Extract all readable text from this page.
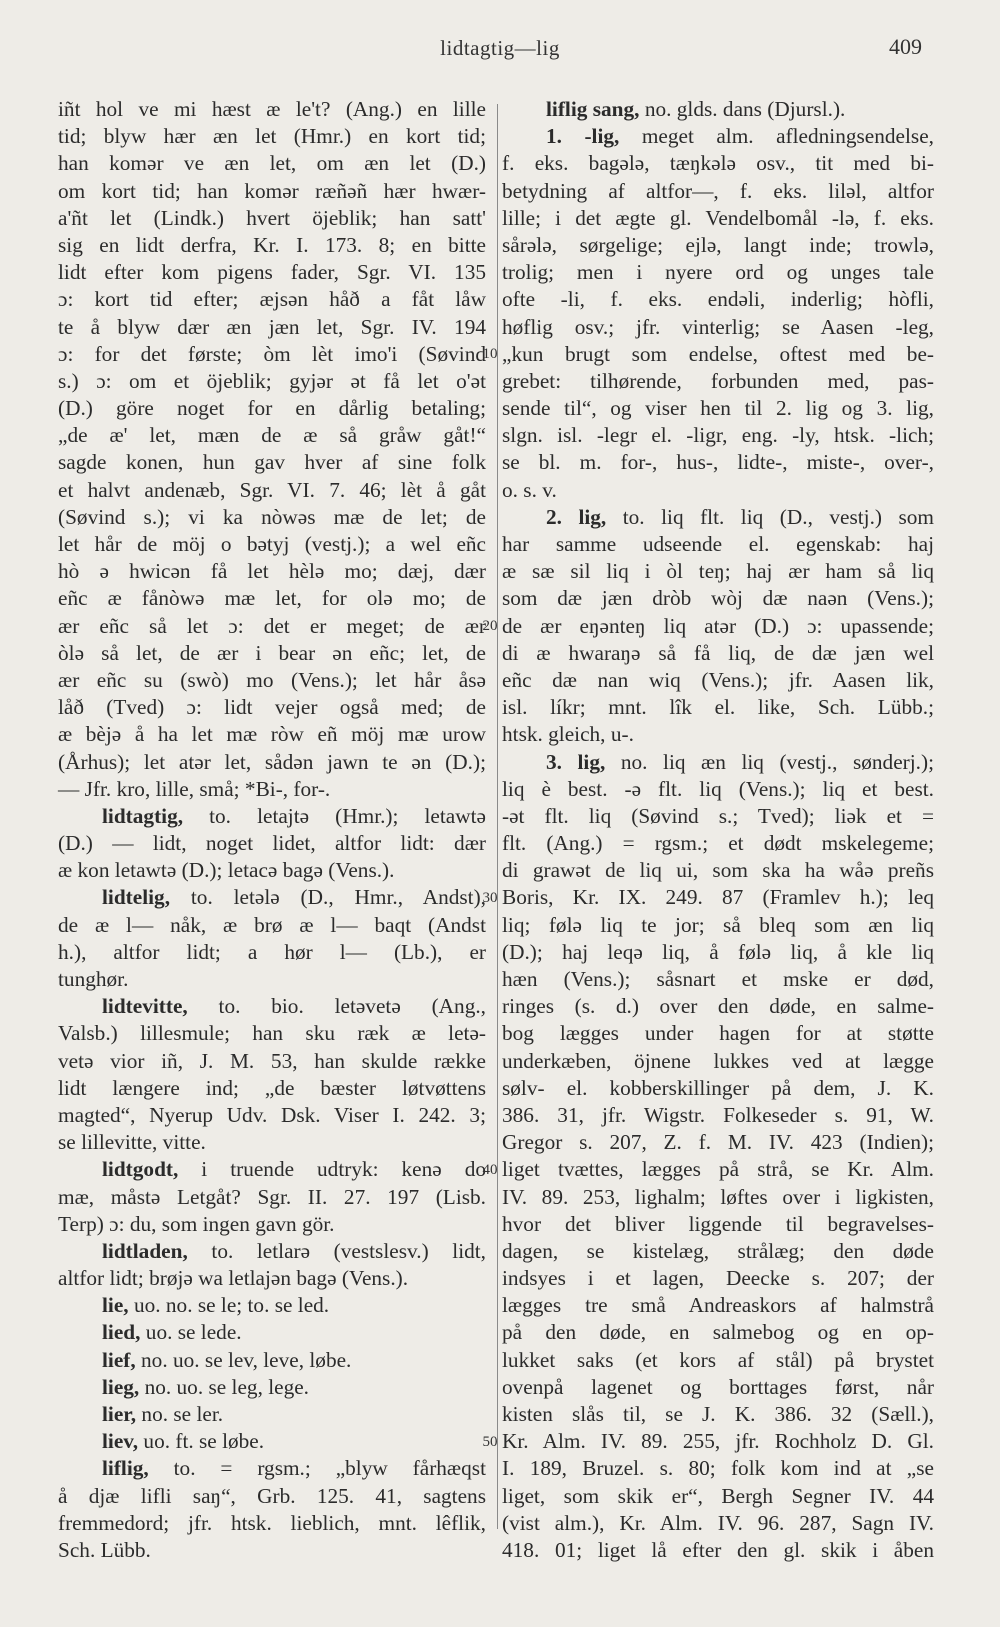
lidtagtig—lig	409
iñt hol ve mi hæst æ le't? (Ang.) en lille
tid; blyw hær æn let (Hmr.) en kort tid;
han komər ve æn let, om æn let (D.)
om kort tid; han komər ræñəñ hær hwær-
a'ñt let (Lindk.) hvert öjeblik; han satt'
sig en lidt derfra, Kr. I. 173. 8; en bitte
lidt efter kom pigens fader, Sgr. VI. 135
ɔ: kort tid efter; æjsən håð a fåt låw
te å blyw dær æn jæn let, Sgr. IV. 194
ɔ: for det første; òm lèt imo'i (Søvind
s.) ɔ: om et öjeblik; gyjər ət få let o'ət
(D.) göre noget for en dårlig betaling;
„de æ' let, mæn de æ så gråw gåt!“
sagde konen, hun gav hver af sine folk
et halvt andenæb, Sgr. VI. 7. 46; lèt å gåt
(Søvind s.); vi ka nòwəs mæ de let; de
let hår de möj o bətyj (vestj.); a wel eñc
hò ə hwicən få let hèlə mo; dæj, dær
eñc æ fånòwə mæ let, for olə mo; de
ær eñc så let ɔ: det er meget; de ær
òlə så let, de ær i bear ən eñc; let, de
ær eñc su (swò) mo (Vens.); let hår åsə
låð (Tved) ɔ: lidt vejer også med; de
æ bèjə å ha let mæ ròw eñ möj mæ urow
(Århus); let atər let, sådən jawn te ən (D.);
— Jfr. kro, lille, små; *Bi-, for-.
lidtagtig, to. letajtə (Hmr.); letawtə
(D.) — lidt, noget lidet, altfor lidt: dær
æ kon letawtə (D.); letacə bagə (Vens.).
lidtelig, to. letələ (D., Hmr., Andst),
de æ l— nåk, æ brø æ l— baqt (Andst
h.), altfor lidt; a hør l— (Lb.), er
tunghør.
lidtevitte, to. bio. letəvetə (Ang.,
Valsb.) lillesmule; han sku ræk æ letə-
vetə vior iñ, J. M. 53, han skulde række
lidt længere ind; „de bæster løtvøttens
magted“, Nyerup Udv. Dsk. Viser I. 242. 3;
se lillevitte, vitte.
lidtgodt, i truende udtryk: kenə do
mæ, måstə Letgåt? Sgr. II. 27. 197 (Lisb.
Terp) ɔ: du, som ingen gavn gör.
lidtladen, to. letlarə (vestslesv.) lidt,
altfor lidt; brøjə wa letlajən bagə (Vens.).
lie, uo. no. se le; to. se led.
lied, uo. se lede.
lief, no. uo. se lev, leve, løbe.
lieg, no. uo. se leg, lege.
lier, no. se ler.
liev, uo. ft. se løbe.
liflig, to. = rgsm.; „blyw fårhæqst
å djæ lifli saŋ“, Grb. 125. 41, sagtens
fremmedord; jfr. htsk. lieblich, mnt. lêflik,
Sch. Lübb.
liflig sang, no. glds. dans (Djursl.).
1. -lig, meget alm. afledningsendelse,
f. eks. bagələ, tæŋkələ osv., tit med bi-
betydning af altfor—, f. eks. liləl, altfor
lille; i det ægte gl. Vendelbomål -lə, f. eks.
sårələ, sørgelige; ejlə, langt inde; trowlə,
trolig; men i nyere ord og unges tale
ofte -li, f. eks. endəli, inderlig; hòfli,
høflig osv.; jfr. vinterlig; se Aasen -leg,
„kun brugt som endelse, oftest med be-
grebet: tilhørende, forbunden med, pas-
sende til“, og viser hen til 2. lig og 3. lig,
slgn. isl. -legr el. -ligr, eng. -ly, htsk. -lich;
se bl. m. for-, hus-, lidte-, miste-, over-,
o. s. v.
2. lig, to. liq flt. liq (D., vestj.) som
har samme udseende el. egenskab: haj
æ sæ sil liq i òl teŋ; haj ær ham så liq
som dæ jæn dròb wòj dæ naən (Vens.);
de ær eŋənteŋ liq atər (D.) ɔ: upassende;
di æ hwaraŋə så få liq, de dæ jæn wel
eñc dæ nan wiq (Vens.); jfr. Aasen lik,
isl. líkr; mnt. lîk el. like, Sch. Lübb.;
htsk. gleich, u-.
3. lig, no. liq æn liq (vestj., sønderj.);
liq è best. -ə flt. liq (Vens.); liq et best.
-ət flt. liq (Søvind s.; Tved); liək et =
flt. (Ang.) = rgsm.; et dødt mskelegeme;
di grawət de liq ui, som ska ha wåə preñs
Boris, Kr. IX. 249. 87 (Framlev h.); leq
liq; følə liq te jor; så bleq som æn liq
(D.); haj leqə liq, å følə liq, å kle liq
hæn (Vens.); såsnart et mske er død,
ringes (s. d.) over den døde, en salme-
bog lægges under hagen for at støtte
underkæben, öjnene lukkes ved at lægge
sølv- el. kobberskillinger på dem, J. K.
386. 31, jfr. Wigstr. Folkeseder s. 91, W.
Gregor s. 207, Z. f. M. IV. 423 (Indien);
liget tvættes, lægges på strå, se Kr. Alm.
IV. 89. 253, lighalm; løftes over i ligkisten,
hvor det bliver liggende til begravelses-
dagen, se kistelæg, strålæg; den døde
indsyes i et lagen, Deecke s. 207; der
lægges tre små Andreaskors af halmstrå
på den døde, en salmebog og en op-
lukket saks (et kors af stål) på brystet
ovenpå lagenet og borttages først, når
kisten slås til, se J. K. 386. 32 (Sæll.),
Kr. Alm. IV. 89. 255, jfr. Rochholz D. Gl.
I. 189, Bruzel. s. 80; folk kom ind at „se
liget, som skik er“, Bergh Segner IV. 44
(vist alm.), Kr. Alm. IV. 96. 287, Sagn IV.
418. 01; liget lå efter den gl. skik i åben
10
20
30
40
50
